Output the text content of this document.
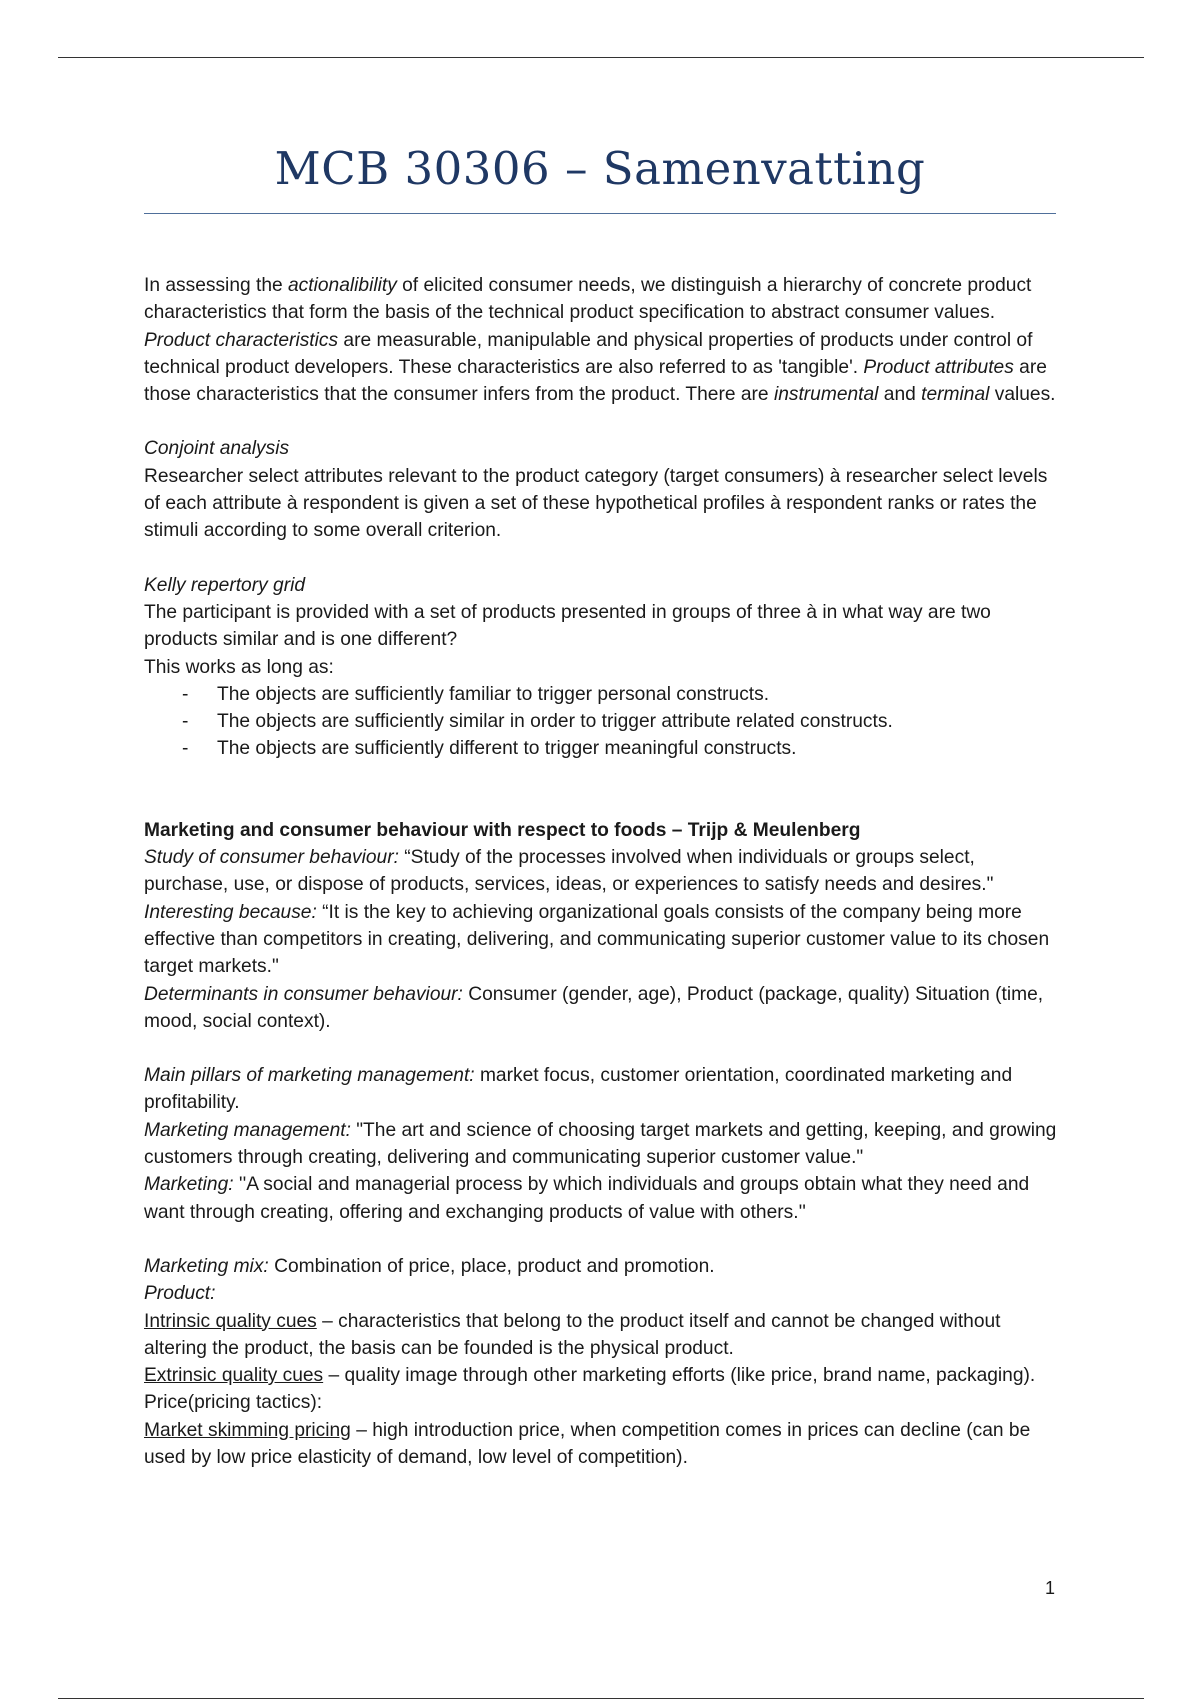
MCB 30306 – Samenvatting

In assessing the actionalibility of elicited consumer needs, we distinguish a hierarchy of concrete product characteristics that form the basis of the technical product specification to abstract consumer values. Product characteristics are measurable, manipulable and physical properties of products under control of technical product developers. These characteristics are also referred to as 'tangible'. Product attributes are those characteristics that the consumer infers from the product. There are instrumental and terminal values.

Conjoint analysis

Researcher select attributes relevant to the product category (target consumers) à researcher select levels of each attribute à respondent is given a set of these hypothetical profiles à respondent ranks or rates the stimuli according to some overall criterion.

Kelly repertory grid

The participant is provided with a set of products presented in groups of three à in what way are two products similar and is one different?

This works as long as:

- The objects are sufficiently familiar to trigger personal constructs.
- The objects are sufficiently similar in order to trigger attribute related constructs.
- The objects are sufficiently different to trigger meaningful constructs.

Marketing and consumer behaviour with respect to foods – Trijp & Meulenberg

Study of consumer behaviour: “Study of the processes involved when individuals or groups select, purchase, use, or dispose of products, services, ideas, or experiences to satisfy needs and desires."

Interesting because: “It is the key to achieving organizational goals consists of the company being more effective than competitors in creating, delivering, and communicating superior customer value to its chosen target markets."

Determinants in consumer behaviour: Consumer (gender, age), Product (package, quality) Situation (time, mood, social context).

Main pillars of marketing management: market focus, customer orientation, coordinated marketing and profitability.

Marketing management: "The art and science of choosing target markets and getting, keeping, and growing customers through creating, delivering and communicating superior customer value."

Marketing: ''A social and managerial process by which individuals and groups obtain what they need and want through creating, offering and exchanging products of value with others.''

Marketing mix: Combination of price, place, product and promotion.

Product:

Intrinsic quality cues – characteristics that belong to the product itself and cannot be changed without altering the product, the basis can be founded is the physical product.

Extrinsic quality cues – quality image through other marketing efforts (like price, brand name, packaging).

Price(pricing tactics):

Market skimming pricing – high introduction price, when competition comes in prices can decline (can be used by low price elasticity of demand, low level of competition).

1
